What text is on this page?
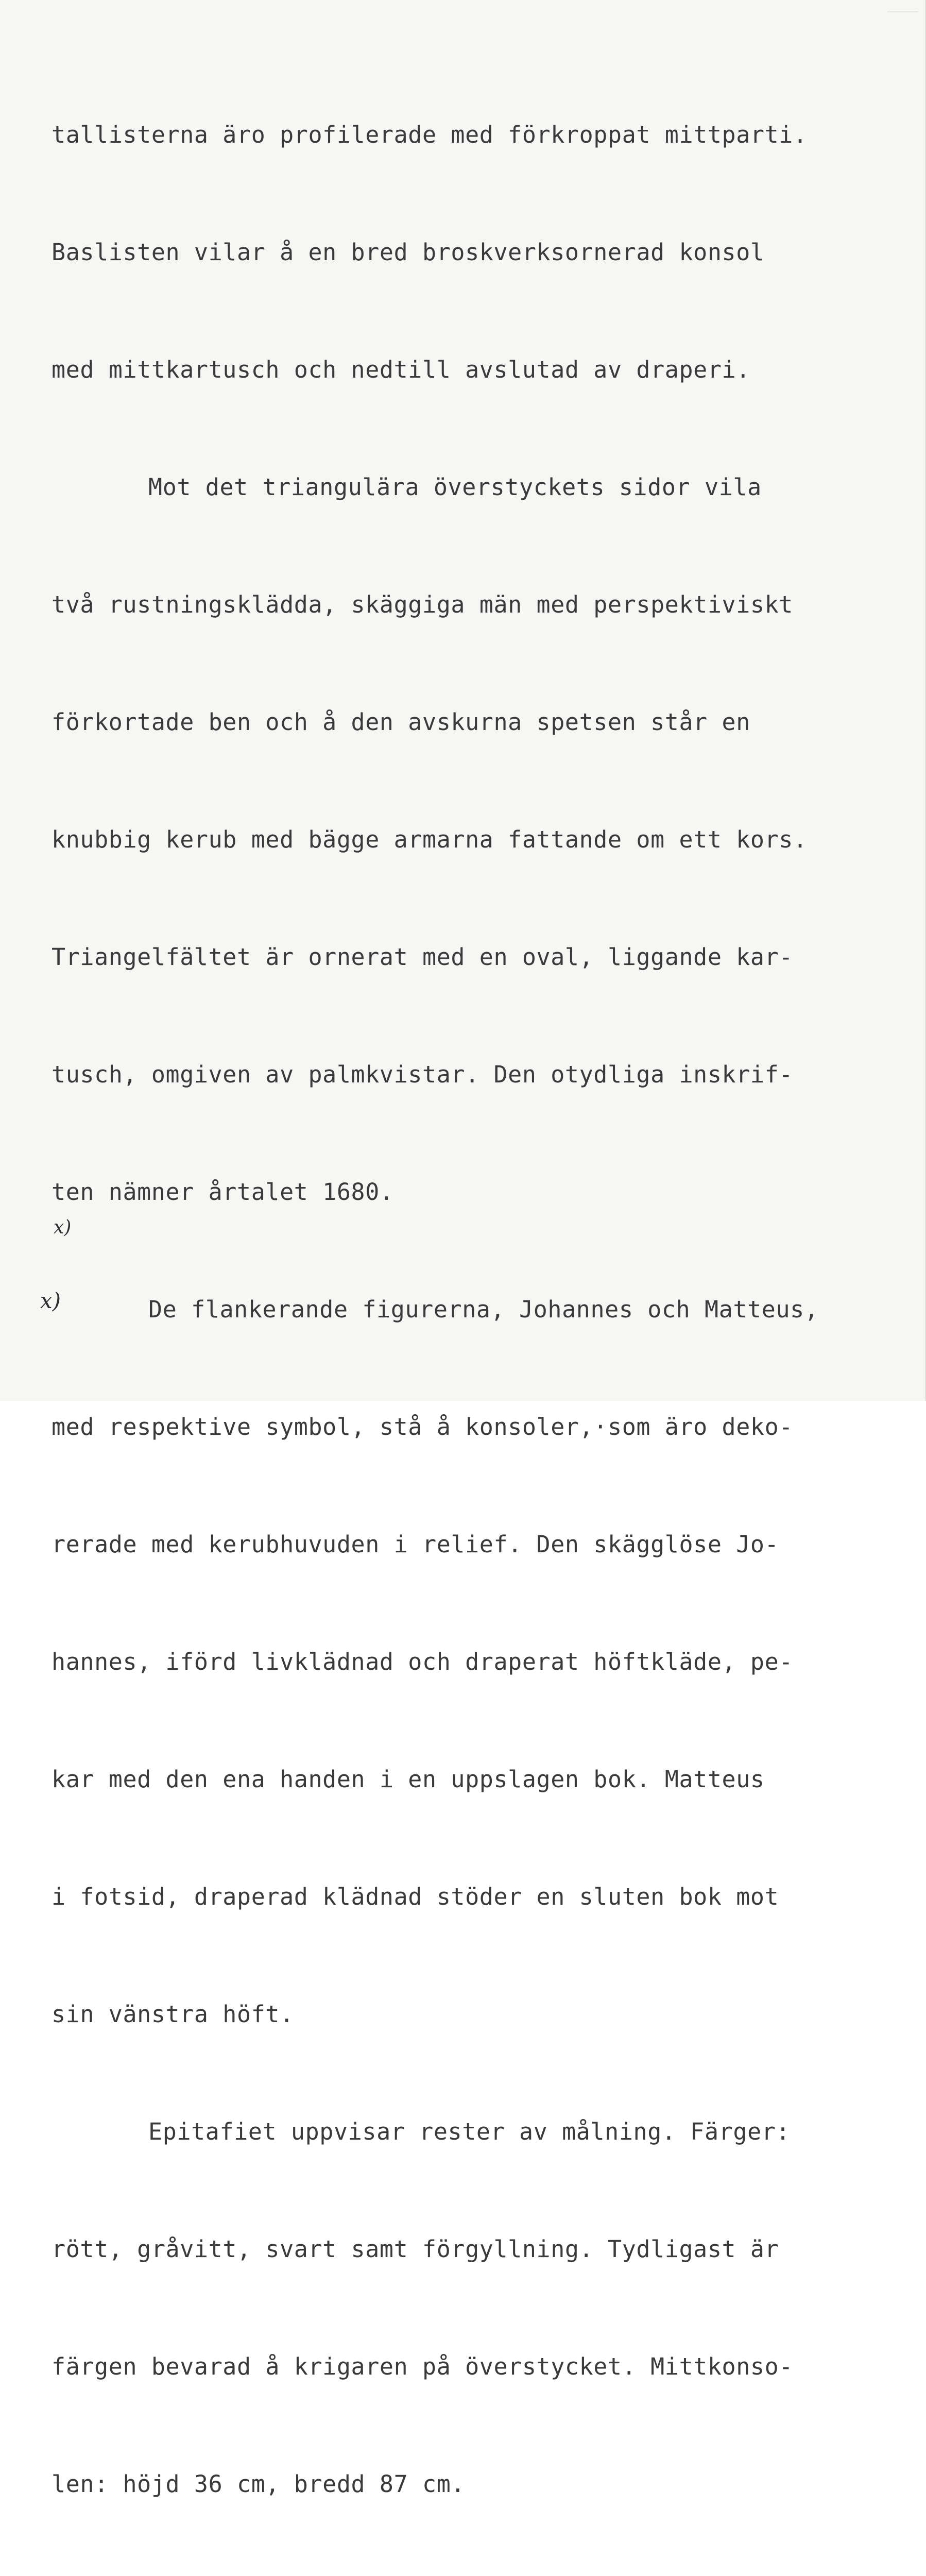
tallisterna äro profilerade med förkroppat mittparti.

Baslisten vilar å en bred broskverksornerad konsol

med mittkartusch och nedtill avslutad av draperi.

Mot det triangulära överstyckets sidor vila

två rustningsklädda, skäggiga män med perspektiviskt

förkortade ben och å den avskurna spetsen står en

knubbig kerub med bägge armarna fattande om ett kors.

Triangelfältet är ornerat med en oval, liggande kar-

tusch, omgiven av palmkvistar. Den otydliga inskrif-

ten nämner årtalet 1680.

De flankerande figurerna, Johannes och Matteus,

med respektive symbol, stå å konsoler,·som äro deko-

rerade med kerubhuvuden i relief. Den skägglöse Jo-

hannes, iförd livklädnad och draperat höftkläde, pe-

kar med den ena handen i en uppslagen bok. Matteus

i fotsid, draperad klädnad stöder en sluten bok mot

sin vänstra höft.

Epitafiet uppvisar rester av målning. Färger:

rött, gråvitt, svart samt förgyllning. Tydligast är

färgen bevarad å krigaren på överstycket. Mittkonso-

len: höjd 36 cm, bredd 87 cm.

x)
x)
